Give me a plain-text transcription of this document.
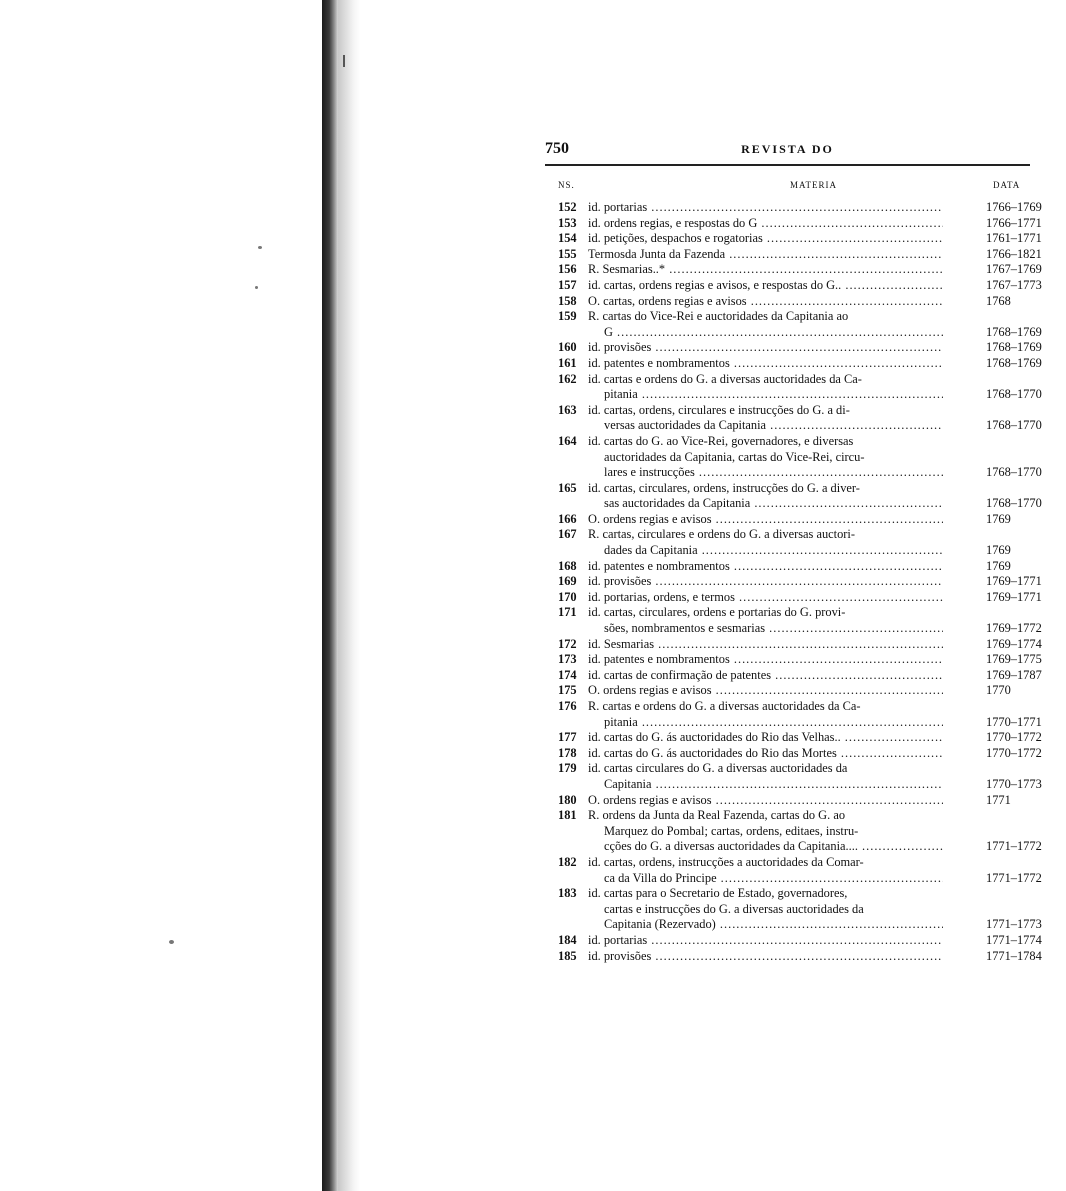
750	REVISTA DO
NS.	MATERIA	DATA
152 id. portarias .....	1766–1769
153 id. ordens regias, e respostas do G .....	1766–1771
154 id. petições, despachos e rogatorias .....	1761–1771
155 Termosda Junta da Fazenda .....	1766–1821
156 R. Sesmarias..* .....	1767–1769
157 id. cartas, ordens regias e avisos, e respostas do G.. .....	1767–1773
158 O. cartas, ordens regias e avisos .....	1768
159 R. cartas do Vice-Rei e auctoridades da Capitania ao
G .....	1768–1769
160 id. provisões .....	1768–1769
161 id. patentes e nombramentos .....	1768–1769
162 id. cartas e ordens do G. a diversas auctoridades da Ca-
pitania .....	1768–1770
163 id. cartas, ordens, circulares e instrucções do G. a di-
versas auctoridades da Capitania .....	1768–1770
164 id. cartas do G. ao Vice-Rei, governadores, e diversas
auctoridades da Capitania, cartas do Vice-Rei, circu-
lares e instrucções .....	1768–1770
165 id. cartas, circulares, ordens, instrucções do G. a diver-
sas auctoridades da Capitania .....	1768–1770
166 O. ordens regias e avisos .....	1769
167 R. cartas, circulares e ordens do G. a diversas auctori-
dades da Capitania .....	1769
168 id. patentes e nombramentos .....	1769
169 id. provisões .....	1769–1771
170 id. portarias, ordens, e termos .....	1769–1771
171 id. cartas, circulares, ordens e portarias do G. provi-
sões, nombramentos e sesmarias .....	1769–1772
172 id. Sesmarias .....	1769–1774
173 id. patentes e nombramentos .....	1769–1775
174 id. cartas de confirmação de patentes .....	1769–1787
175 O. ordens regias e avisos .....	1770
176 R. cartas e ordens do G. a diversas auctoridades da Ca-
pitania .....	1770–1771
177 id. cartas do G. ás auctoridades do Rio das Velhas.. .....	1770–1772
178 id. cartas do G. ás auctoridades do Rio das Mortes .....	1770–1772
179 id. cartas circulares do G. a diversas auctoridades da
Capitania .....	1770–1773
180 O. ordens regias e avisos .....	1771
181 R. ordens da Junta da Real Fazenda, cartas do G. ao
Marquez do Pombal; cartas, ordens, editaes, instru-
cções do G. a diversas auctoridades da Capitania.... .....	1771–1772
182 id. cartas, ordens, instrucções a auctoridades da Comar-
ca da Villa do Principe .....	1771–1772
183 id. cartas para o Secretario de Estado, governadores,
cartas e instrucções do G. a diversas auctoridades da
Capitania (Rezervado) .....	1771–1773
184 id. portarias .....	1771–1774
185 id. provisões .....	1771–1784
